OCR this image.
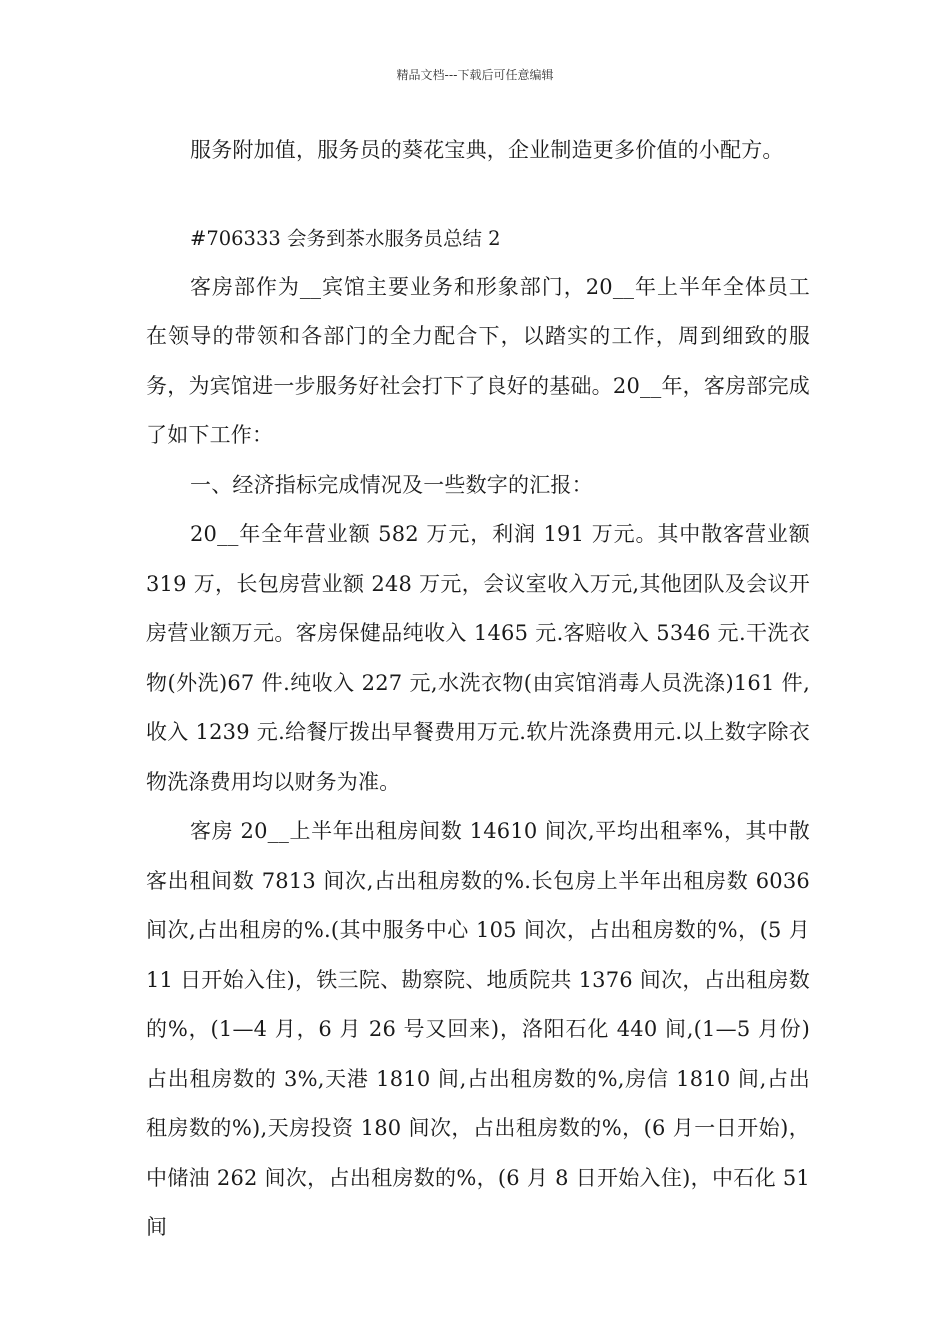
精品文档---下载后可任意编辑

服务附加值，服务员的葵花宝典，企业制造更多价值的小配方。

#706333 会务到茶水服务员总结 2

客房部作为__宾馆主要业务和形象部门，20__年上半年全体员工在领导的带领和各部门的全力配合下，以踏实的工作，周到细致的服务，为宾馆进一步服务好社会打下了良好的基础。20__年，客房部完成了如下工作：

一、经济指标完成情况及一些数字的汇报：

20__年全年营业额 582 万元，利润 191 万元。其中散客营业额 319 万，长包房营业额 248 万元，会议室收入万元,其他团队及会议开房营业额万元。客房保健品纯收入 1465 元.客赔收入 5346 元.干洗衣物(外洗)67 件.纯收入 227 元,水洗衣物(由宾馆消毒人员洗涤)161 件,收入 1239 元.给餐厅拨出早餐费用万元.软片洗涤费用元.以上数字除衣物洗涤费用均以财务为准。

客房 20__上半年出租房间数 14610 间次,平均出租率%，其中散客出租间数 7813 间次,占出租房数的%.长包房上半年出租房数 6036 间次,占出租房的%.(其中服务中心 105 间次，占出租房数的%，(5 月 11 日开始入住)，铁三院、勘察院、地质院共 1376 间次，占出租房数的%，(1—4 月，6 月 26 号又回来)，洛阳石化 440 间,(1—5 月份)占出租房数的 3%,天港 1810 间,占出租房数的%,房信 1810 间,占出租房数的%),天房投资 180 间次，占出租房数的%，(6 月一日开始)，中储油 262 间次，占出租房数的%，(6 月 8 日开始入住)，中石化 51 间
